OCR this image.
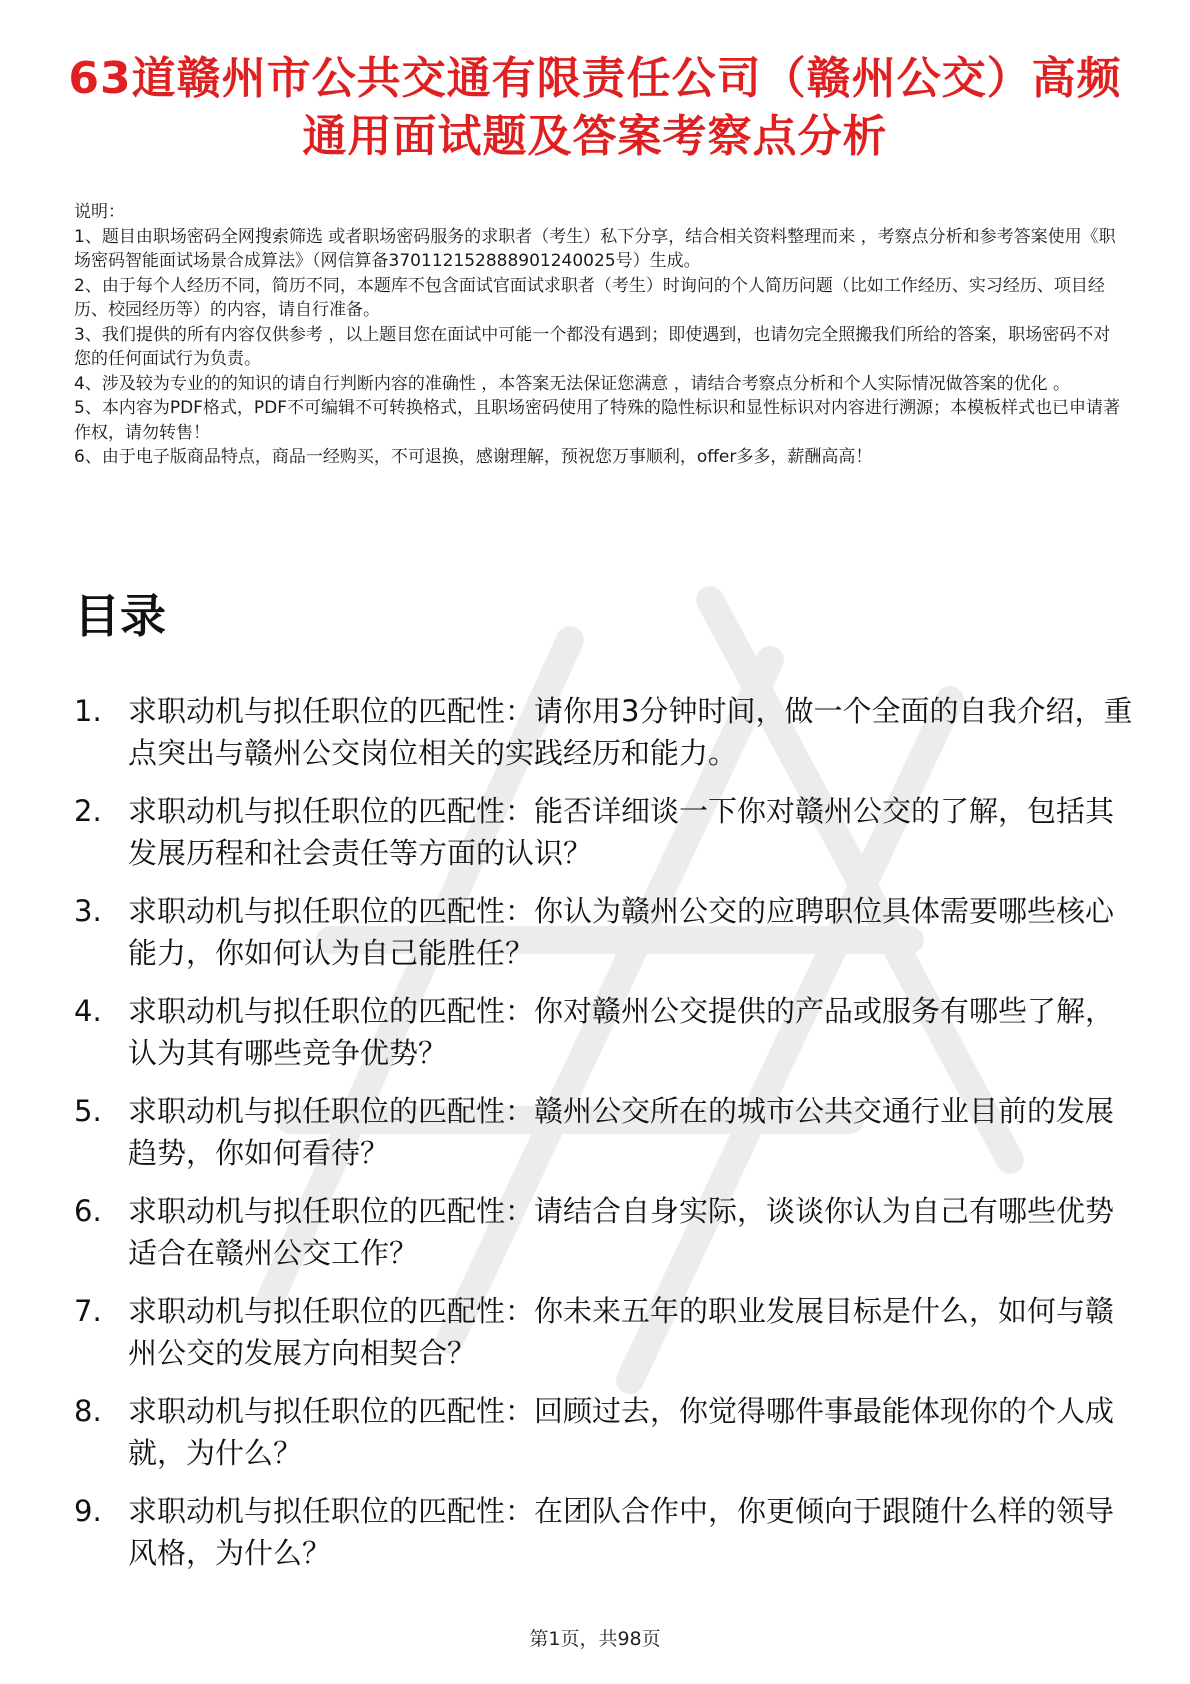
63道赣州市公共交通有限责任公司（赣州公交）高频通用面试题及答案考察点分析

说明：

1、题目由职场密码全网搜索筛选 或者职场密码服务的求职者（考生）私下分享，结合相关资料整理而来 ，考察点分析和参考答案使用《职场密码智能面试场景合成算法》（网信算备370112152888901240025号）生成。

2、由于每个人经历不同，简历不同，本题库不包含面试官面试求职者（考生）时询问的个人简历问题（比如工作经历、实习经历、项目经历、校园经历等）的内容，请自行准备。

3、我们提供的所有内容仅供参考 ，以上题目您在面试中可能一个都没有遇到；即使遇到，也请勿完全照搬我们所给的答案，职场密码不对您的任何面试行为负责。

4、涉及较为专业的的知识的请自行判断内容的准确性 ，本答案无法保证您满意 ，请结合考察点分析和个人实际情况做答案的优化 。

5、本内容为PDF格式，PDF不可编辑不可转换格式，且职场密码使用了特殊的隐性标识和显性标识对内容进行溯源；本模板样式也已申请著作权，请勿转售！

6、由于电子版商品特点，商品一经购买，不可退换，感谢理解，预祝您万事顺利，offer多多，薪酬高高！

目录
1. 求职动机与拟任职位的匹配性：请你用3分钟时间，做一个全面的自我介绍，重点突出与赣州公交岗位相关的实践经历和能力。
2. 求职动机与拟任职位的匹配性：能否详细谈一下你对赣州公交的了解，包括其发展历程和社会责任等方面的认识？
3. 求职动机与拟任职位的匹配性：你认为赣州公交的应聘职位具体需要哪些核心能力，你如何认为自己能胜任？
4. 求职动机与拟任职位的匹配性：你对赣州公交提供的产品或服务有哪些了解，认为其有哪些竞争优势？
5. 求职动机与拟任职位的匹配性：赣州公交所在的城市公共交通行业目前的发展趋势，你如何看待？
6. 求职动机与拟任职位的匹配性：请结合自身实际，谈谈你认为自己有哪些优势适合在赣州公交工作？
7. 求职动机与拟任职位的匹配性：你未来五年的职业发展目标是什么，如何与赣州公交的发展方向相契合？
8. 求职动机与拟任职位的匹配性：回顾过去，你觉得哪件事最能体现你的个人成就，为什么？
9. 求职动机与拟任职位的匹配性：在团队合作中，你更倾向于跟随什么样的领导风格，为什么？
第1页，共98页
